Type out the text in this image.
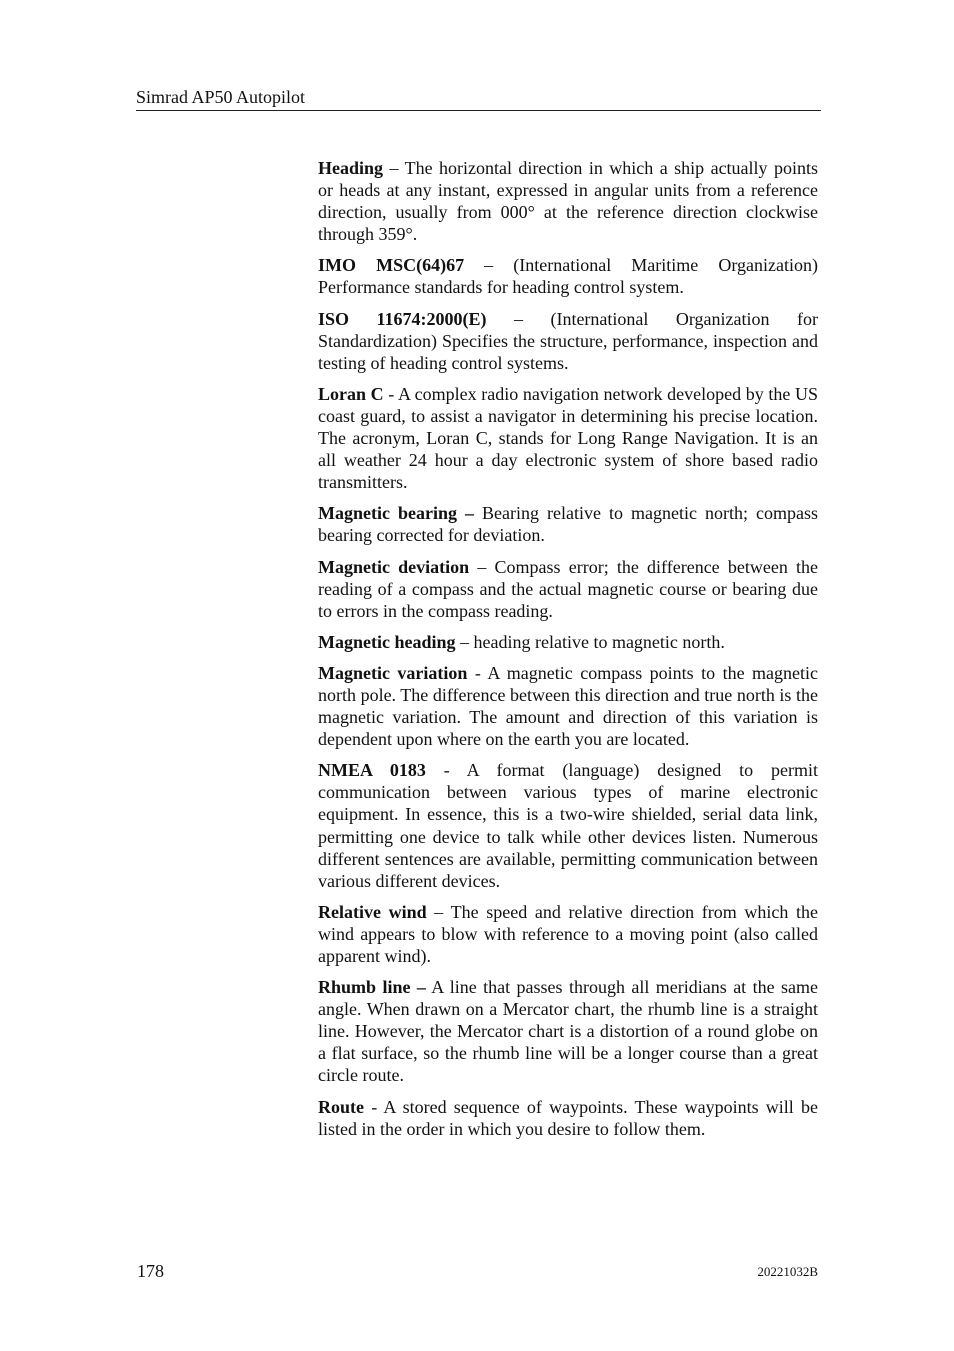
Simrad AP50 Autopilot

Heading – The horizontal direction in which a ship actually points or heads at any instant, expressed in angular units from a reference direction, usually from 000° at the reference direction clockwise through 359°.

IMO MSC(64)67 – (International Maritime Organization) Performance standards for heading control system.

ISO 11674:2000(E) – (International Organization for Standardization) Specifies the structure, performance, inspection and testing of heading control systems.

Loran C - A complex radio navigation network developed by the US coast guard, to assist a navigator in determining his precise location. The acronym, Loran C, stands for Long Range Navigation. It is an all weather 24 hour a day electronic system of shore based radio transmitters.

Magnetic bearing – Bearing relative to magnetic north; compass bearing corrected for deviation.

Magnetic deviation – Compass error; the difference between the reading of a compass and the actual magnetic course or bearing due to errors in the compass reading.

Magnetic heading – heading relative to magnetic north.

Magnetic variation - A magnetic compass points to the magnetic north pole. The difference between this direction and true north is the magnetic variation. The amount and direction of this variation is dependent upon where on the earth you are located.

NMEA 0183 - A format (language) designed to permit communication between various types of marine electronic equipment. In essence, this is a two-wire shielded, serial data link, permitting one device to talk while other devices listen. Numerous different sentences are available, permitting communication between various different devices.

Relative wind – The speed and relative direction from which the wind appears to blow with reference to a moving point (also called apparent wind).

Rhumb line – A line that passes through all meridians at the same angle. When drawn on a Mercator chart, the rhumb line is a straight line. However, the Mercator chart is a distortion of a round globe on a flat surface, so the rhumb line will be a longer course than a great circle route.

Route - A stored sequence of waypoints. These waypoints will be listed in the order in which you desire to follow them.

178	20221032B
